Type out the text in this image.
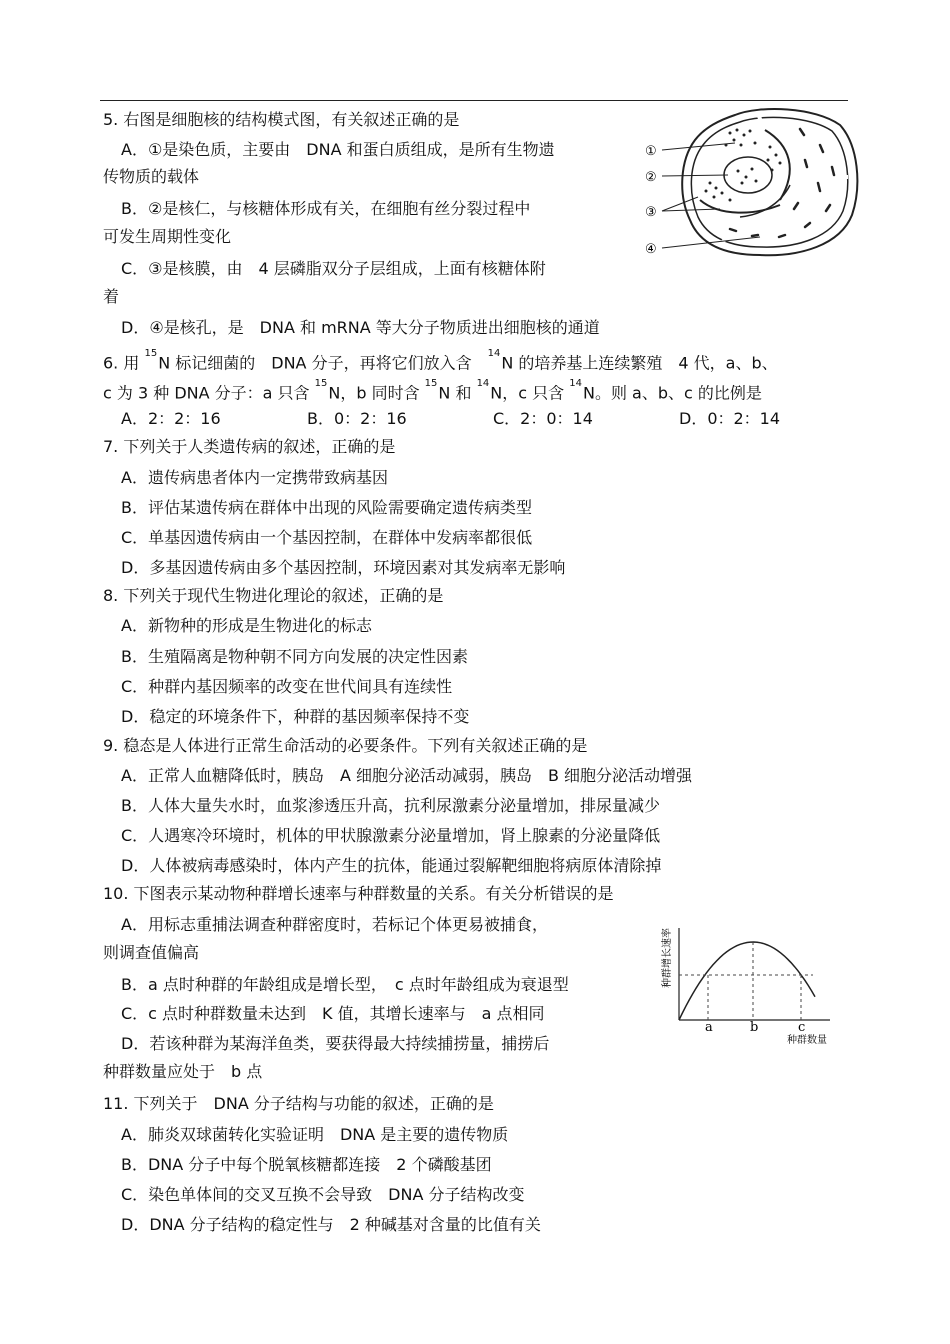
5. 右图是细胞核的结构模式图，有关叙述正确的是
A．①是染色质，主要由　DNA 和蛋白质组成，是所有生物遗
传物质的载体
B．②是核仁，与核糖体形成有关，在细胞有丝分裂过程中
可发生周期性变化
C．③是核膜，由　4 层磷脂双分子层组成，上面有核糖体附
着
D．④是核孔，是　DNA 和 mRNA 等大分子物质进出细胞核的通道
①
②
③
④
6. 用 $^{15}$N 标记细菌的　DNA 分子，再将它们放入含　$^{14}$N 的培养基上连续繁殖　4 代，a、b、
c 为 3 种 DNA 分子：a 只含 $^{15}$N，b 同时含 $^{15}$N 和 $^{14}$N，c 只含 $^{14}$N。则 a、b、c 的比例是
A．2：2：16	B．0：2：16	C．2：0：14	D．0：2：14
7. 下列关于人类遗传病的叙述，正确的是
A．遗传病患者体内一定携带致病基因
B．评估某遗传病在群体中出现的风险需要确定遗传病类型
C．单基因遗传病由一个基因控制，在群体中发病率都很低
D．多基因遗传病由多个基因控制，环境因素对其发病率无影响
8. 下列关于现代生物进化理论的叙述，正确的是
A．新物种的形成是生物进化的标志
B．生殖隔离是物种朝不同方向发展的决定性因素
C．种群内基因频率的改变在世代间具有连续性
D．稳定的环境条件下，种群的基因频率保持不变
9. 稳态是人体进行正常生命活动的必要条件。下列有关叙述正确的是
A．正常人血糖降低时，胰岛　A 细胞分泌活动减弱，胰岛　B 细胞分泌活动增强
B．人体大量失水时，血浆渗透压升高，抗利尿激素分泌量增加，排尿量减少
C．人遇寒冷环境时，机体的甲状腺激素分泌量增加，肾上腺素的分泌量降低
D．人体被病毒感染时，体内产生的抗体，能通过裂解靶细胞将病原体清除掉
10. 下图表示某动物种群增长速率与种群数量的关系。有关分析错误的是
A．用标志重捕法调查种群密度时，若标记个体更易被捕食，
则调查值偏高
B．a 点时种群的年龄组成是增长型，　c 点时年龄组成为衰退型
C．c 点时种群数量未达到　K 值，其增长速率与　a 点相同
D．若该种群为某海洋鱼类，要获得最大持续捕捞量，捕捞后
种群数量应处于　b 点
a	b	c
种群数量
种群增长速率
11. 下列关于　DNA 分子结构与功能的叙述，正确的是
A．肺炎双球菌转化实验证明　DNA 是主要的遗传物质
B．DNA 分子中每个脱氧核糖都连接　2 个磷酸基团
C．染色单体间的交叉互换不会导致　DNA 分子结构改变
D．DNA 分子结构的稳定性与　2 种碱基对含量的比值有关
